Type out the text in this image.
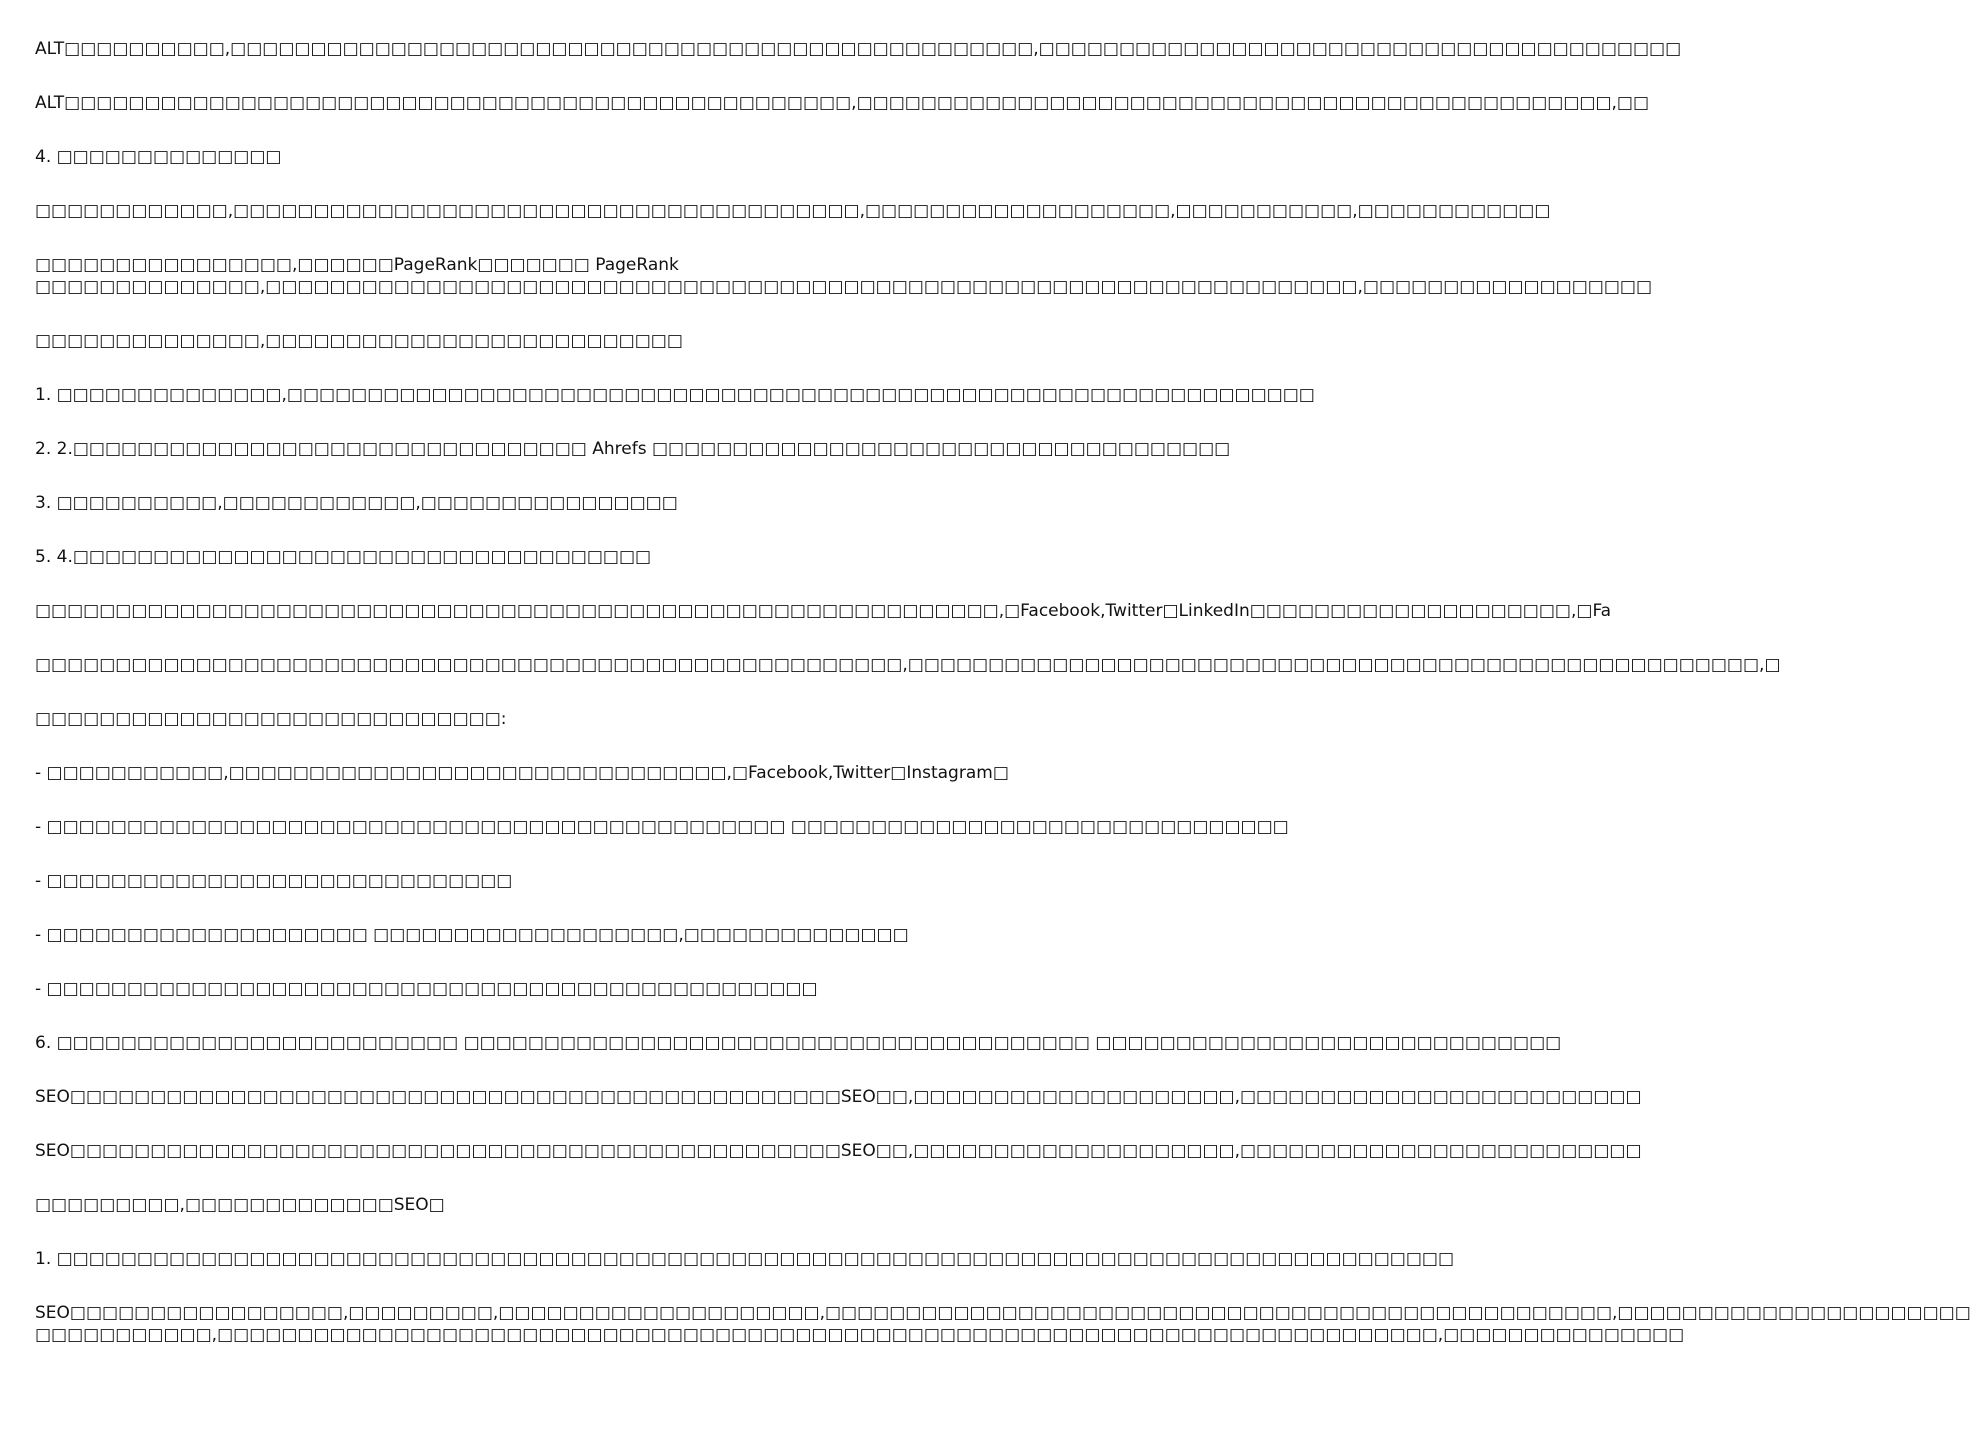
ALT□□□□□□□□□□,□□□□□□□□□□□□□□□□□□□□□□□□□□□□□□□□□□□□□□□□□□□□□□□□□□,□□□□□□□□□□□□□□□□□□□□□□□□□□□□□□□□□□□□□□□□

ALT□□□□□□□□□□□□□□□□□□□□□□□□□□□□□□□□□□□□□□□□□□□□□□□□□,□□□□□□□□□□□□□□□□□□□□□□□□□□□□□□□□□□□□□□□□□□□□□□□,□□

4. □□□□□□□□□□□□□□

□□□□□□□□□□□□,□□□□□□□□□□□□□□□□□□□□□□□□□□□□□□□□□□□□□□□,□□□□□□□□□□□□□□□□□□□,□□□□□□□□□□□,□□□□□□□□□□□□

□□□□□□□□□□□□□□□□,□□□□□□PageRank□□□□□□□ PageRank
□□□□□□□□□□□□□□,□□□□□□□□□□□□□□□□□□□□□□□□□□□□□□□□□□□□□□□□□□□□□□□□□□□□□□□□□□□□□□□□□□□□,□□□□□□□□□□□□□□□□□□

□□□□□□□□□□□□□□,□□□□□□□□□□□□□□□□□□□□□□□□□□

1. □□□□□□□□□□□□□□,□□□□□□□□□□□□□□□□□□□□□□□□□□□□□□□□□□□□□□□□□□□□□□□□□□□□□□□□□□□□□□□□

2. 2.□□□□□□□□□□□□□□□□□□□□□□□□□□□□□□□□ Ahrefs □□□□□□□□□□□□□□□□□□□□□□□□□□□□□□□□□□□□

3. □□□□□□□□□□,□□□□□□□□□□□□,□□□□□□□□□□□□□□□□

5. 4.□□□□□□□□□□□□□□□□□□□□□□□□□□□□□□□□□□□□

□□□□□□□□□□□□□□□□□□□□□□□□□□□□□□□□□□□□□□□□□□□□□□□□□□□□□□□□□□□□,□Facebook,Twitter□LinkedIn□□□□□□□□□□□□□□□□□□□□,□Fa

□□□□□□□□□□□□□□□□□□□□□□□□□□□□□□□□□□□□□□□□□□□□□□□□□□□□□□,□□□□□□□□□□□□□□□□□□□□□□□□□□□□□□□□□□□□□□□□□□□□□□□□□□□□□,□

□□□□□□□□□□□□□□□□□□□□□□□□□□□□□:

- □□□□□□□□□□□,□□□□□□□□□□□□□□□□□□□□□□□□□□□□□□□,□Facebook,Twitter□Instagram□

- □□□□□□□□□□□□□□□□□□□□□□□□□□□□□□□□□□□□□□□□□□□□□□ □□□□□□□□□□□□□□□□□□□□□□□□□□□□□□□

- □□□□□□□□□□□□□□□□□□□□□□□□□□□□□

- □□□□□□□□□□□□□□□□□□□□ □□□□□□□□□□□□□□□□□□□,□□□□□□□□□□□□□□

- □□□□□□□□□□□□□□□□□□□□□□□□□□□□□□□□□□□□□□□□□□□□□□□□

6. □□□□□□□□□□□□□□□□□□□□□□□□□ □□□□□□□□□□□□□□□□□□□□□□□□□□□□□□□□□□□□□□□ □□□□□□□□□□□□□□□□□□□□□□□□□□□□□

SEO□□□□□□□□□□□□□□□□□□□□□□□□□□□□□□□□□□□□□□□□□□□□□□□□SEO□□,□□□□□□□□□□□□□□□□□□□□,□□□□□□□□□□□□□□□□□□□□□□□□□

SEO□□□□□□□□□□□□□□□□□□□□□□□□□□□□□□□□□□□□□□□□□□□□□□□□SEO□□,□□□□□□□□□□□□□□□□□□□□,□□□□□□□□□□□□□□□□□□□□□□□□□

□□□□□□□□□,□□□□□□□□□□□□□SEO□

1. □□□□□□□□□□□□□□□□□□□□□□□□□□□□□□□□□□□□□□□□□□□□□□□□□□□□□□□□□□□□□□□□□□□□□□□□□□□□□□□□□□□□□□□

SEO□□□□□□□□□□□□□□□□□,□□□□□□□□□,□□□□□□□□□□□□□□□□□□□□,□□□□□□□□□□□□□□□□□□□□□□□□□□□□□□□□□□□□□□□□□□□□□□□□□,□□□□□□□□□□□□□□□□□□□□□□
□□□□□□□□□□□,□□□□□□□□□□□□□□□□□□□□□□□□□□□□□□□□□□□□□□□□□□□□□□□□□□□□□□□□□□□□□□□□□□□□□□□□□□□□,□□□□□□□□□□□□□□□
